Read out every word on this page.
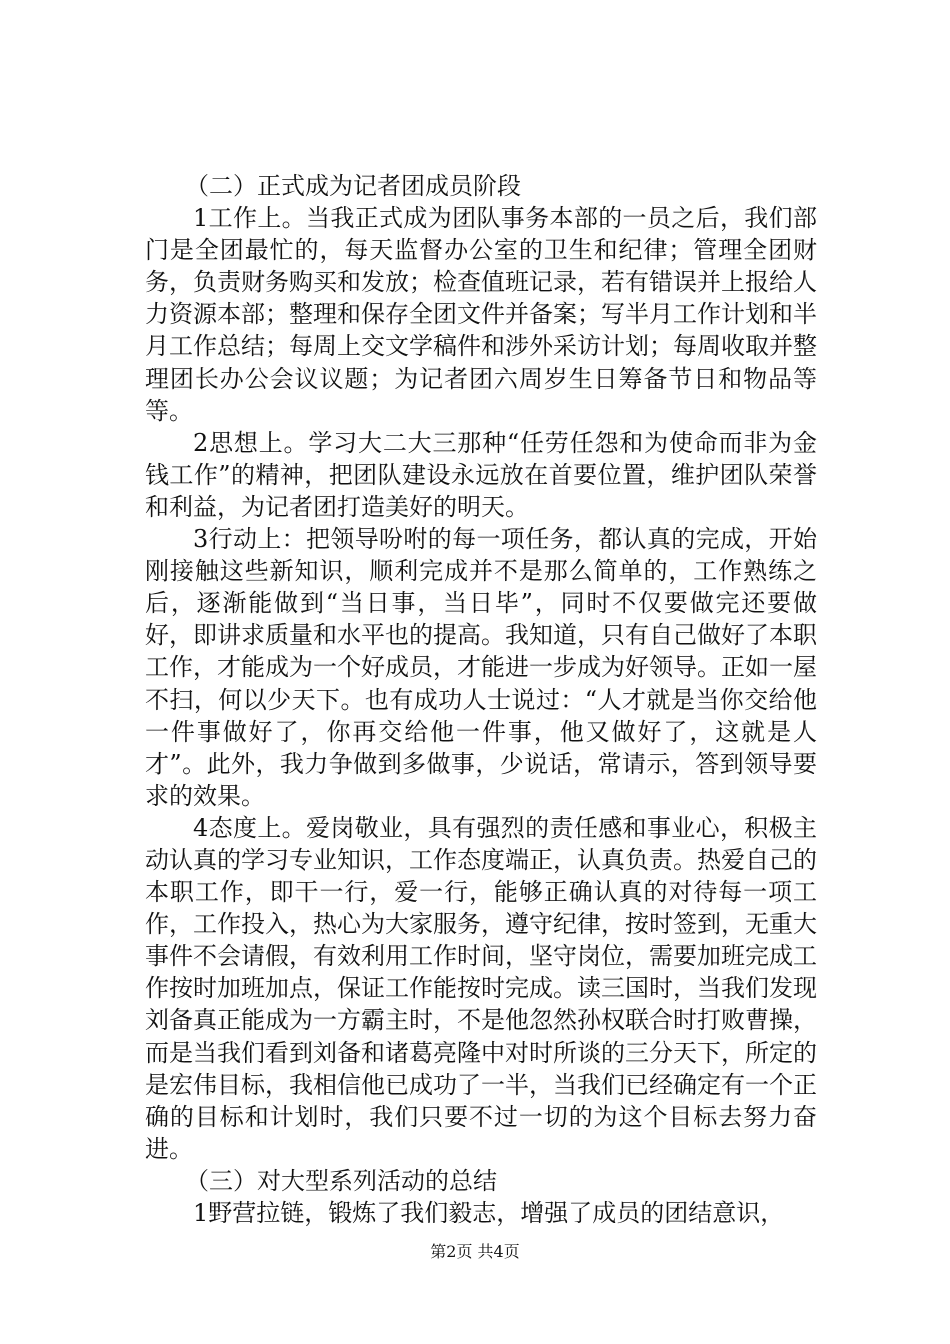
（二）正式成为记者团成员阶段

1工作上。当我正式成为团队事务本部的一员之后，我们部门是全团最忙的，每天监督办公室的卫生和纪律；管理全团财务，负责财务购买和发放；检查值班记录，若有错误并上报给人力资源本部；整理和保存全团文件并备案；写半月工作计划和半月工作总结；每周上交文学稿件和涉外采访计划；每周收取并整理团长办公会议议题；为记者团六周岁生日筹备节日和物品等等。

2思想上。学习大二大三那种“任劳任怨和为使命而非为金钱工作”的精神，把团队建设永远放在首要位置，维护团队荣誉和利益，为记者团打造美好的明天。

3行动上：把领导吩咐的每一项任务，都认真的完成，开始刚接触这些新知识，顺利完成并不是那么简单的，工作熟练之后，逐渐能做到“当日事，当日毕”，同时不仅要做完还要做好，即讲求质量和水平也的提高。我知道，只有自己做好了本职工作，才能成为一个好成员，才能进一步成为好领导。正如一屋不扫，何以少天下。也有成功人士说过：“人才就是当你交给他一件事做好了，你再交给他一件事，他又做好了，这就是人才”。此外，我力争做到多做事，少说话，常请示，答到领导要求的效果。

4态度上。爱岗敬业，具有强烈的责任感和事业心，积极主动认真的学习专业知识，工作态度端正，认真负责。热爱自己的本职工作，即干一行，爱一行，能够正确认真的对待每一项工作，工作投入，热心为大家服务，遵守纪律，按时签到，无重大事件不会请假，有效利用工作时间，坚守岗位，需要加班完成工作按时加班加点，保证工作能按时完成。读三国时，当我们发现刘备真正能成为一方霸主时，不是他忽然孙权联合时打败曹操，而是当我们看到刘备和诸葛亮隆中对时所谈的三分天下，所定的是宏伟目标，我相信他已成功了一半，当我们已经确定有一个正确的目标和计划时，我们只要不过一切的为这个目标去努力奋进。

（三）对大型系列活动的总结

1野营拉链，锻炼了我们毅志，增强了成员的团结意识，

第2页 共4页
